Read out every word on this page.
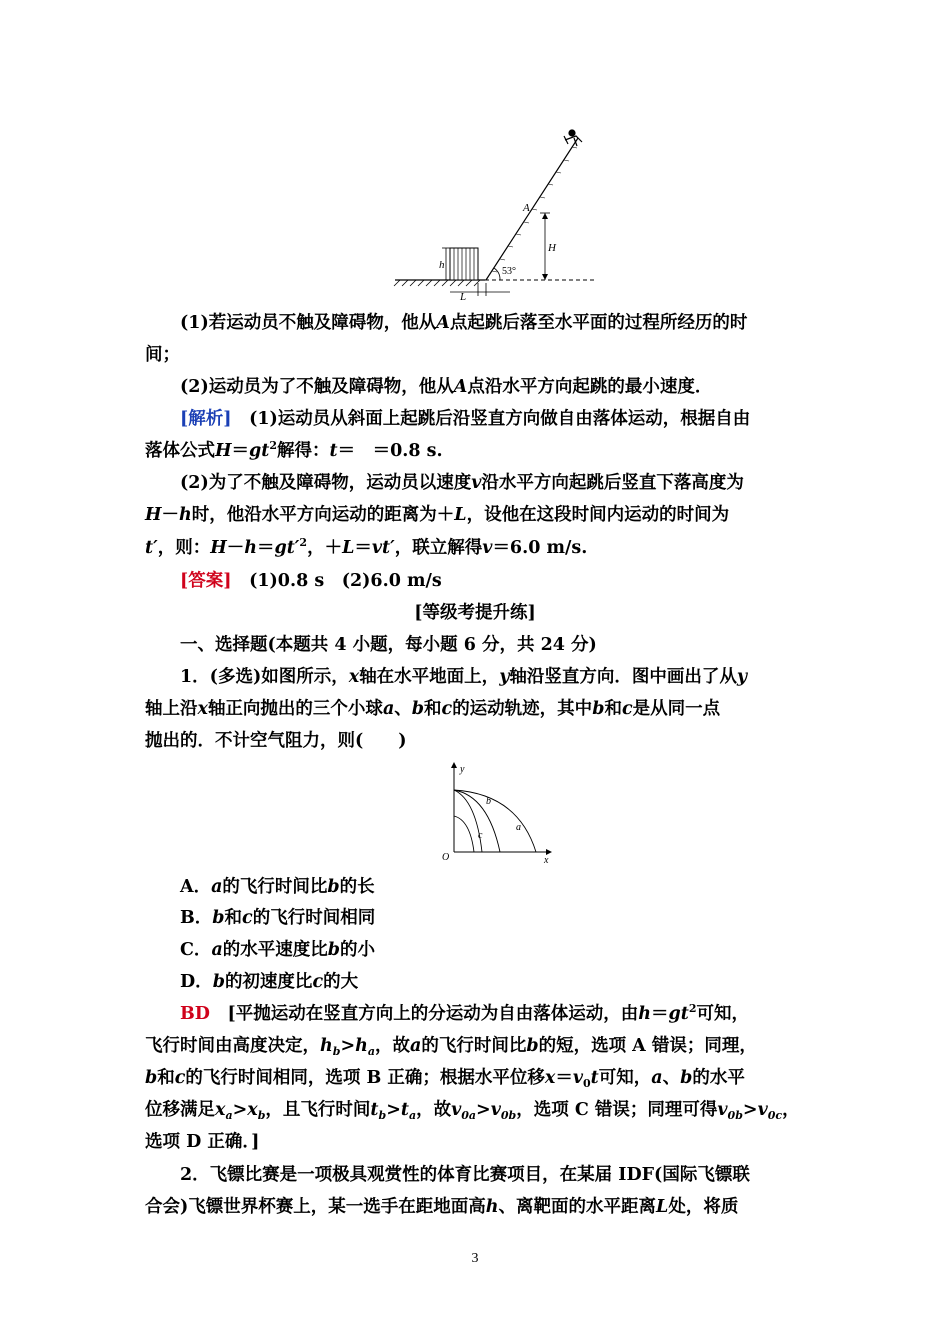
h
L
53°
H
A
(1)若运动员不触及障碍物，他从A点起跳后落至水平面的过程所经历的时
间；
(2)运动员为了不触及障碍物，他从A点沿水平方向起跳的最小速度．
[解析]　 (1)运动员从斜面上起跳后沿竖直方向做自由落体运动，根据自由
落体公式$H=gt^2$解得：t＝　＝0.8 s.
(2)为了不触及障碍物，运动员以速度v沿水平方向起跳后竖直下落高度为
H－h时，他沿水平方向运动的距离为＋L，设他在这段时间内运动的时间为
t′，则：$H-h=gt'^2$，＋L＝vt′，联立解得v＝6.0 m/s.
[答案]　 (1)0.8 s　(2)6.0 m/s
[等级考提升练]
一、选择题(本题共 4 小题，每小题 6 分，共 24 分)
1．(多选)如图所示，x轴在水平地面上，y轴沿竖直方向．图中画出了从y
轴上沿x轴正向抛出的三个小球a、b和c的运动轨迹，其中b和c是从同一点
抛出的．不计空气阻力，则(　　)
y
x
O
a
b
c
A．a的飞行时间比b的长
B．b和c的飞行时间相同
C．a的水平速度比b的小
D．b的初速度比c的大
BD　 [平抛运动在竖直方向上的分运动为自由落体运动，由$h=gt^2$可知，
飞行时间由高度决定，$h_b>h_a$，故a的飞行时间比b的短，选项 A 错误；同理，
b和c的飞行时间相同，选项 B 正确；根据水平位移$x=v_0t$可知，a、b的水平
位移满足$x_a>x_b$，且飞行时间$t_b>t_a$，故$v_{0a}>v_{0b}$，选项 C 错误；同理可得$v_{0b}>v_{0c}$，
选项 D 正确．]
2．飞镖比赛是一项极具观赏性的体育比赛项目，在某届 IDF(国际飞镖联
合会)飞镖世界杯赛上，某一选手在距地面高h、离靶面的水平距离L处，将质
3
